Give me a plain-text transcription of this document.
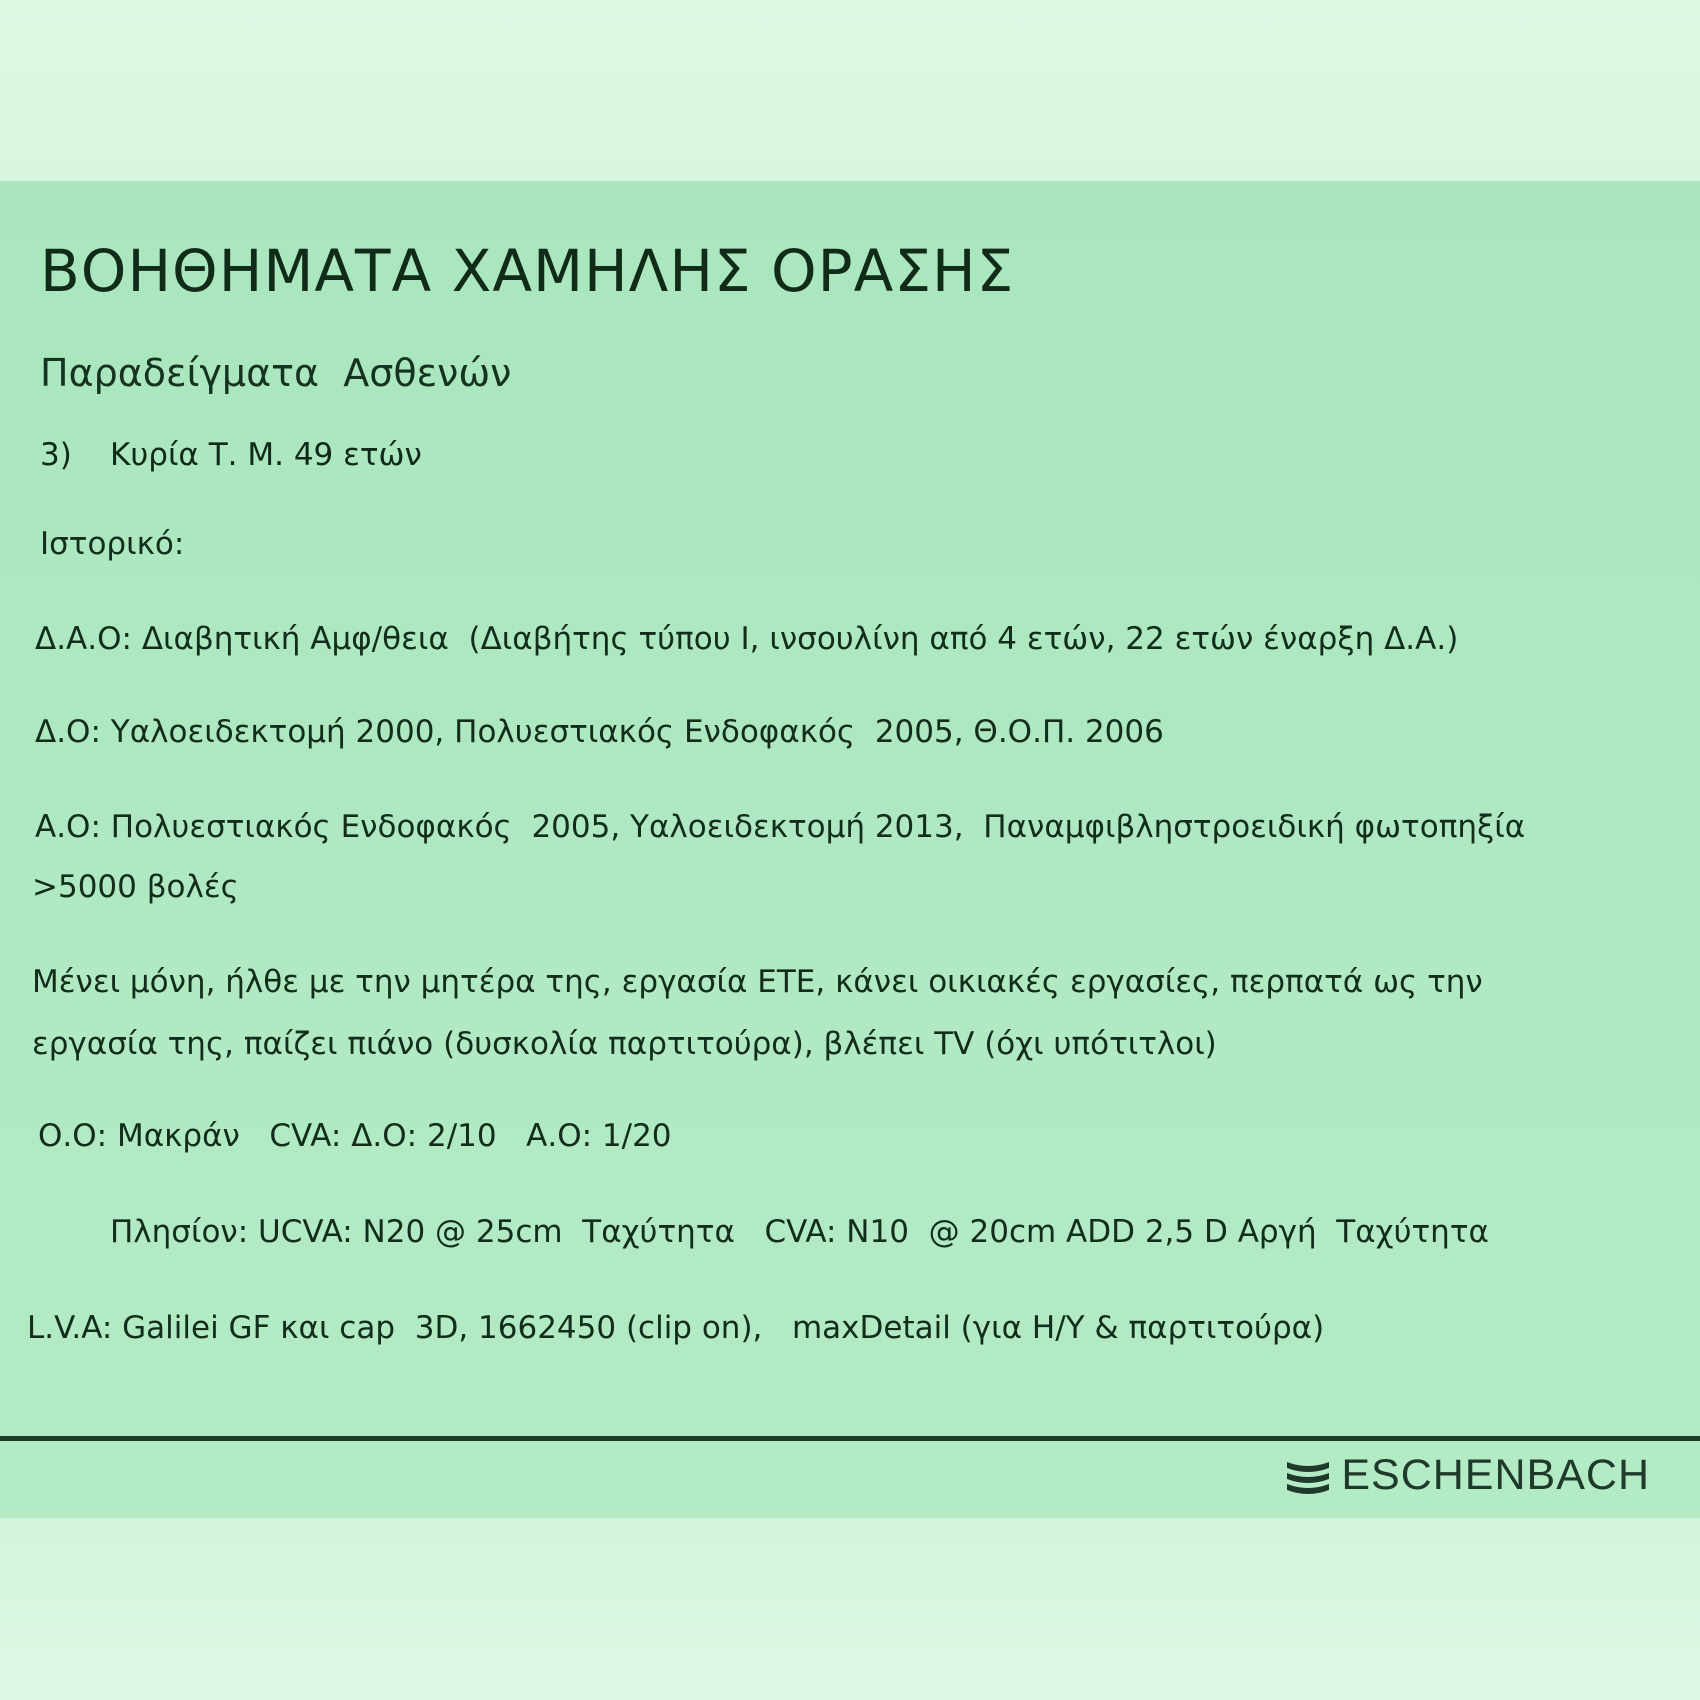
ΒΟΗΘΗΜΑΤΑ ΧΑΜΗΛΗΣ ΟΡΑΣΗΣ
Παραδείγματα  Ασθενών
3) Κυρία Τ. Μ. 49 ετών

Ιστορικό:

Δ.Α.Ο: Διαβητική Αμφ/θεια  (Διαβήτης τύπου Ι, ινσουλίνη από 4 ετών, 22 ετών έναρξη Δ.Α.)

Δ.Ο: Υαλοειδεκτομή 2000, Πολυεστιακός Ενδοφακός  2005, Θ.Ο.Π. 2006

Α.Ο: Πολυεστιακός Ενδοφακός  2005, Υαλοειδεκτομή 2013,  Παναμφιβληστροειδική φωτοπηξία

>5000 βολές

Μένει μόνη, ήλθε με την μητέρα της, εργασία ΕΤΕ, κάνει οικιακές εργασίες, περπατά ως την

εργασία της, παίζει πιάνο (δυσκολία παρτιτούρα), βλέπει TV (όχι υπότιτλοι)

Ο.Ο: Μακράν   CVA: Δ.Ο: 2/10   Α.Ο: 1/20

Πλησίον: UCVA: N20 @ 25cm  Ταχύτητα   CVA: N10  @ 20cm ADD 2,5 D Αργή  Ταχύτητα

L.V.A: Galilei GF και cap  3D, 1662450 (clip on),   maxDetail (για Η/Υ & παρτιτούρα)

ESCHENBACH
